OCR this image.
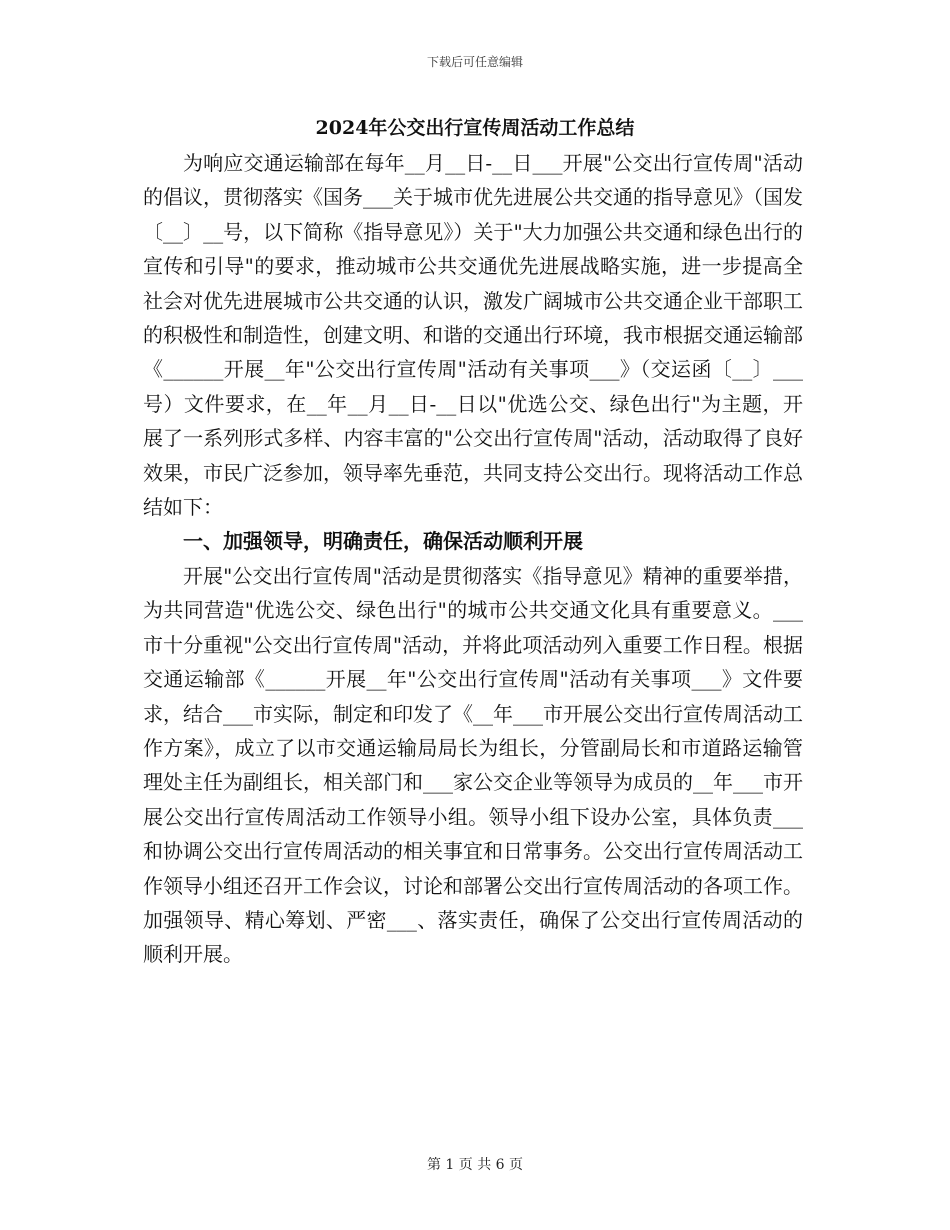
下载后可任意编辑
2024年公交出行宣传周活动工作总结

为响应交通运输部在每年__月__日-__日___开展"公交出行宣传周"活动的倡议，贯彻落实《国务___关于城市优先进展公共交通的指导意见》（国发〔__〕__号，以下简称《指导意见》）关于"大力加强公共交通和绿色出行的宣传和引导"的要求，推动城市公共交通优先进展战略实施，进一步提高全社会对优先进展城市公共交通的认识，激发广阔城市公共交通企业干部职工的积极性和制造性，创建文明、和谐的交通出行环境，我市根据交通运输部《______开展__年"公交出行宣传周"活动有关事项___》（交运函〔__〕___号）文件要求，在__年__月__日-__日以"优选公交、绿色出行"为主题，开展了一系列形式多样、内容丰富的"公交出行宣传周"活动，活动取得了良好效果，市民广泛参加，领导率先垂范，共同支持公交出行。现将活动工作总结如下：

一、加强领导，明确责任，确保活动顺利开展

开展"公交出行宣传周"活动是贯彻落实《指导意见》精神的重要举措，为共同营造"优选公交、绿色出行"的城市公共交通文化具有重要意义。___市十分重视"公交出行宣传周"活动，并将此项活动列入重要工作日程。根据交通运输部《______开展__年"公交出行宣传周"活动有关事项___》文件要求，结合___市实际，制定和印发了《__年___市开展公交出行宣传周活动工作方案》，成立了以市交通运输局局长为组长，分管副局长和市道路运输管理处主任为副组长，相关部门和___家公交企业等领导为成员的__年___市开展公交出行宣传周活动工作领导小组。领导小组下设办公室，具体负责___和协调公交出行宣传周活动的相关事宜和日常事务。公交出行宣传周活动工作领导小组还召开工作会议，讨论和部署公交出行宣传周活动的各项工作。加强领导、精心筹划、严密___、落实责任，确保了公交出行宣传周活动的顺利开展。

第 1 页 共 6 页
